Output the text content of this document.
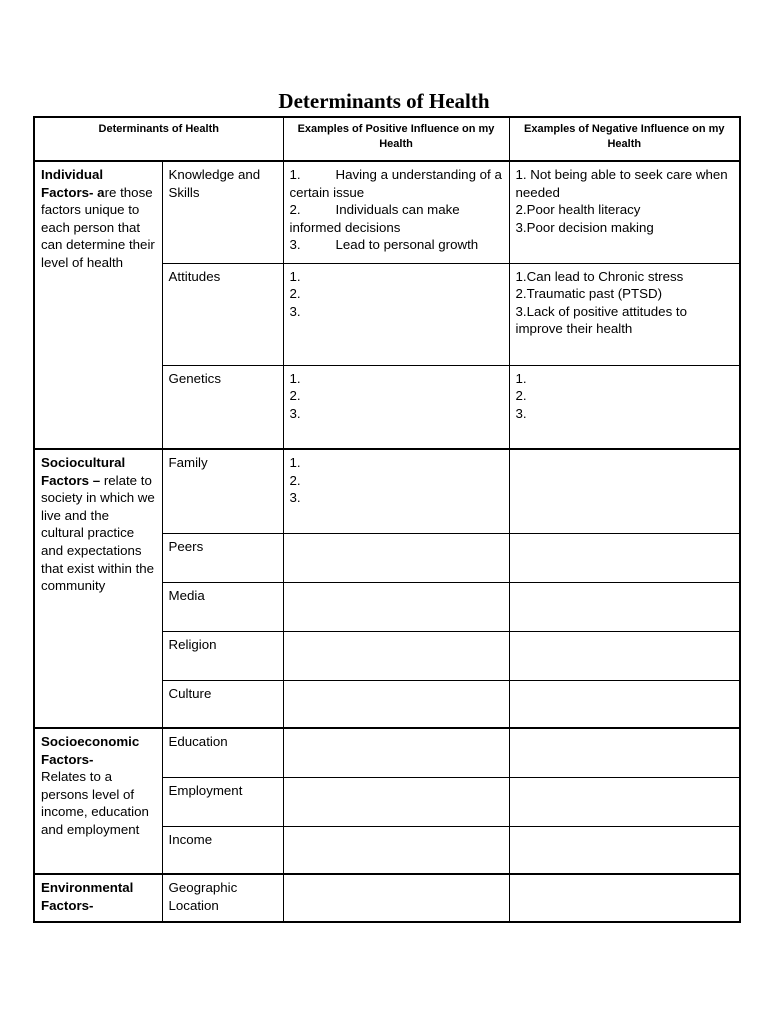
Determinants of Health
Determinants of Health		Examples of Positive Influence on my Health	Examples of Negative Influence on my Health
Individual Factors- are those factors unique to each person that can determine their level of health	Knowledge and Skills	1. Having a understanding of a certain issue
2. Individuals can make informed decisions
3. Lead to personal growth	1. Not being able to seek care when needed
2.Poor health literacy
3.Poor decision making

	Attitudes	1.
2.
3.	1.Can lead to Chronic stress
2.Traumatic past (PTSD)
3.Lack of positive attitudes to improve their health

	Genetics	1.
2.
3.	1.
2.
3.

Sociocultural Factors – relate to society in which we live and the cultural practice and expectations that exist within the community	Family	1.
2.
3.	

	Peers		
	Media		
	Religion		
	Culture		

Socioeconomic Factors-
Relates to a persons level of income, education and employment	Education		
	Employment		
	Income		
Environmental Factors-	Geographic Location		
